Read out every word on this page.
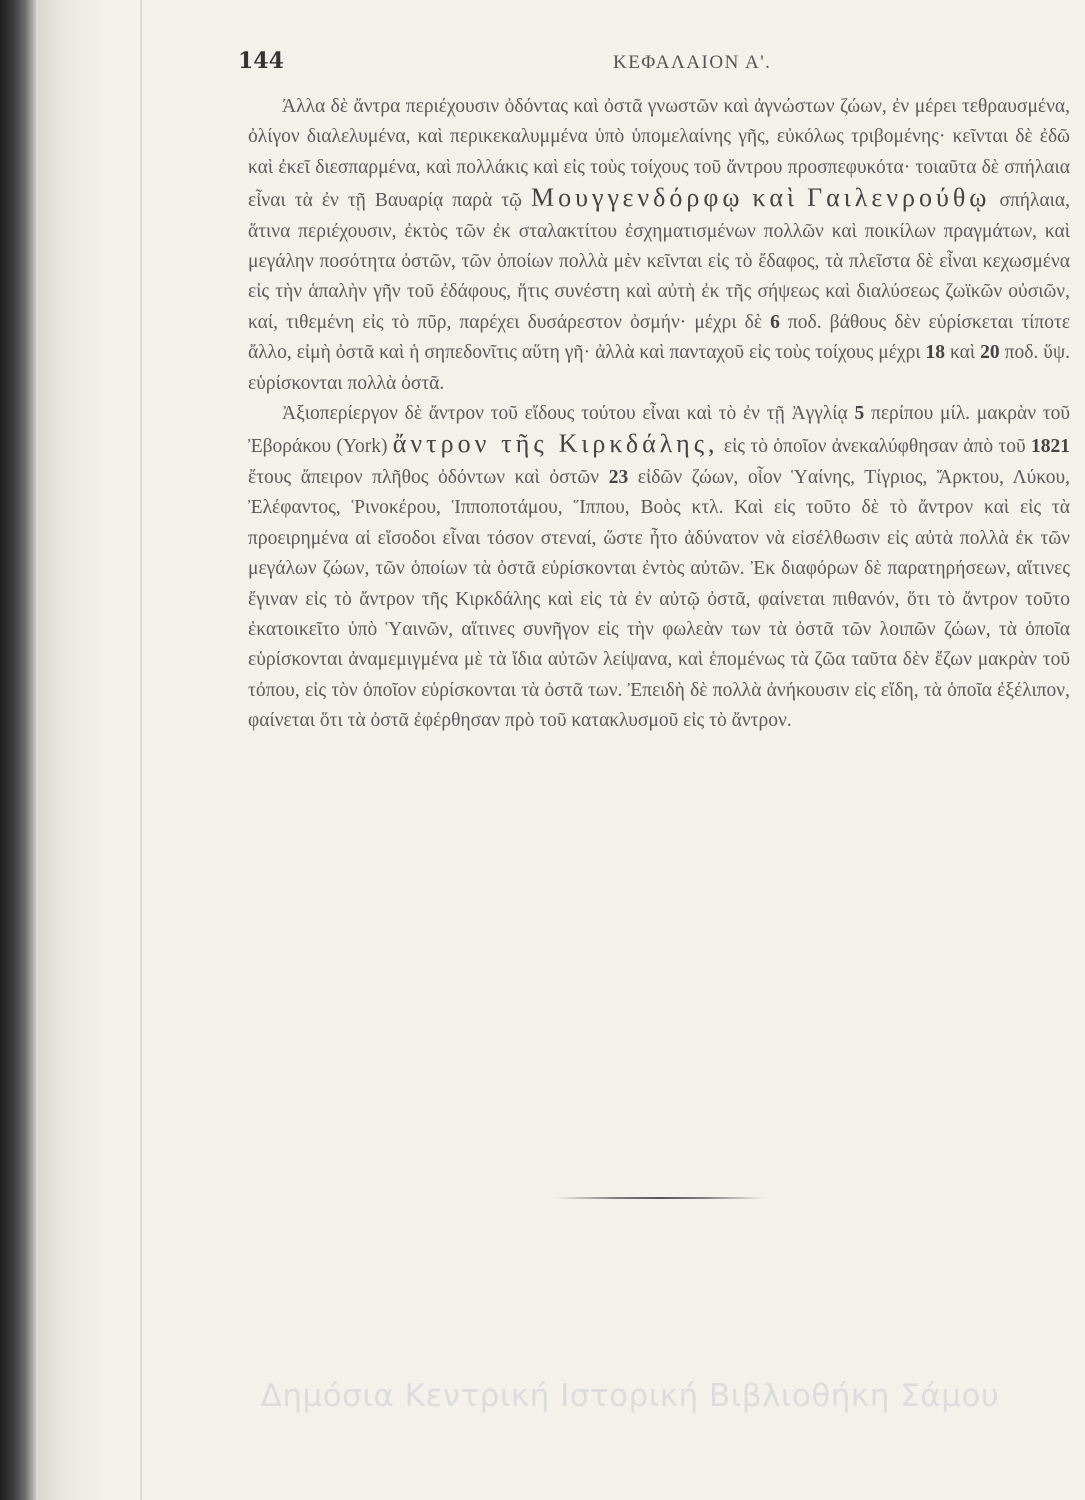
144	ΚΕΦΑΛΑΙΟΝ Α'.

Άλλα δὲ ἄντρα περιέχουσιν ὀδόντας καὶ ὀστᾶ γνωστῶν καὶ ἀγνώστων ζώων, ἐν μέρει τεθραυσμένα, ὀλίγον διαλελυμένα, καὶ περικεκαλυμμένα ὑπὸ ὑπομελαίνης γῆς, εὐκόλως τριβομένης· κεῖνται δὲ ἐδῶ καὶ ἐκεῖ διεσπαρμένα, καὶ πολλάκις καὶ εἰς τοὺς τοίχους τοῦ ἄντρου προσπεφυκότα· τοιαῦτα δὲ σπήλαια εἶναι τὰ ἐν τῇ Βαυαρίᾳ παρὰ τῷ Μουγγενδόρφῳ καὶ Γαιλενρούθῳ σπήλαια, ἅτινα περιέχουσιν, ἐκτὸς τῶν ἐκ σταλακτίτου ἐσχηματισμένων πολλῶν καὶ ποικίλων πραγμάτων, καὶ μεγάλην ποσότητα ὀστῶν, τῶν ὁποίων πολλὰ μὲν κεῖνται εἰς τὸ ἔδαφος, τὰ πλεῖστα δὲ εἶναι κεχωσμένα εἰς τὴν ἁπαλὴν γῆν τοῦ ἐδάφους, ἥτις συνέστη καὶ αὐτὴ ἐκ τῆς σήψεως καὶ διαλύσεως ζωϊκῶν οὐσιῶν, καί, τιθεμένη εἰς τὸ πῦρ, παρέχει δυσάρεστον ὀσμήν· μέχρι δὲ 6 ποδ. βάθους δὲν εὑρίσκεται τίποτε ἄλλο, εἰμὴ ὀστᾶ καὶ ἡ σηπεδονῖτις αὕτη γῆ· ἀλλὰ καὶ πανταχοῦ εἰς τοὺς τοίχους μέχρι 18 καὶ 20 ποδ. ὕψ. εὑρίσκονται πολλὰ ὀστᾶ.

Ἀξιοπερίεργον δὲ ἄντρον τοῦ εἴδους τούτου εἶναι καὶ τὸ ἐν τῇ Ἀγγλίᾳ 5 περίπου μίλ. μακρὰν τοῦ Ἐβοράκου (York) ἄντρον τῆς Κιρκδάλης, εἰς τὸ ὁποῖον ἀνεκαλύφθησαν ἀπὸ τοῦ 1821 ἔτους ἄπειρον πλῆθος ὀδόντων καὶ ὀστῶν 23 εἰδῶν ζώων, οἷον Ὑαίνης, Τίγριος, Ἄρκτου, Λύκου, Ἐλέφαντος, Ῥινοκέρου, Ἱπποποτάμου, Ἵππου, Βοὸς κτλ. Καὶ εἰς τοῦτο δὲ τὸ ἄντρον καὶ εἰς τὰ προειρημένα αἱ εἴσοδοι εἶναι τόσον στεναί, ὥστε ἦτο ἀδύνατον νὰ εἰσέλθωσιν εἰς αὐτὰ πολλὰ ἐκ τῶν μεγάλων ζώων, τῶν ὁποίων τὰ ὀστᾶ εὑρίσκονται ἐντὸς αὐτῶν. Ἐκ διαφόρων δὲ παρατηρήσεων, αἵτινες ἔγιναν εἰς τὸ ἄντρον τῆς Κιρκδάλης καὶ εἰς τὰ ἐν αὐτῷ ὀστᾶ, φαίνεται πιθανόν, ὅτι τὸ ἄντρον τοῦτο ἐκατοικεῖτο ὑπὸ Ὑαινῶν, αἵτινες συνῆγον εἰς τὴν φωλεὰν των τὰ ὀστᾶ τῶν λοιπῶν ζώων, τὰ ὁποῖα εὑρίσκονται ἀναμεμιγμένα μὲ τὰ ἴδια αὐτῶν λείψανα, καὶ ἑπομένως τὰ ζῶα ταῦτα δὲν ἔζων μακρὰν τοῦ τόπου, εἰς τὸν ὁποῖον εὑρίσκονται τὰ ὀστᾶ των. Ἐπειδὴ δὲ πολλὰ ἀνήκουσιν εἰς εἴδη, τὰ ὁποῖα ἐξέλιπον, φαίνεται ὅτι τὰ ὀστᾶ ἐφέρθησαν πρὸ τοῦ κατακλυσμοῦ εἰς τὸ ἄντρον.

Δημόσια Κεντρική Ιστορική Βιβλιοθήκη Σάμου
